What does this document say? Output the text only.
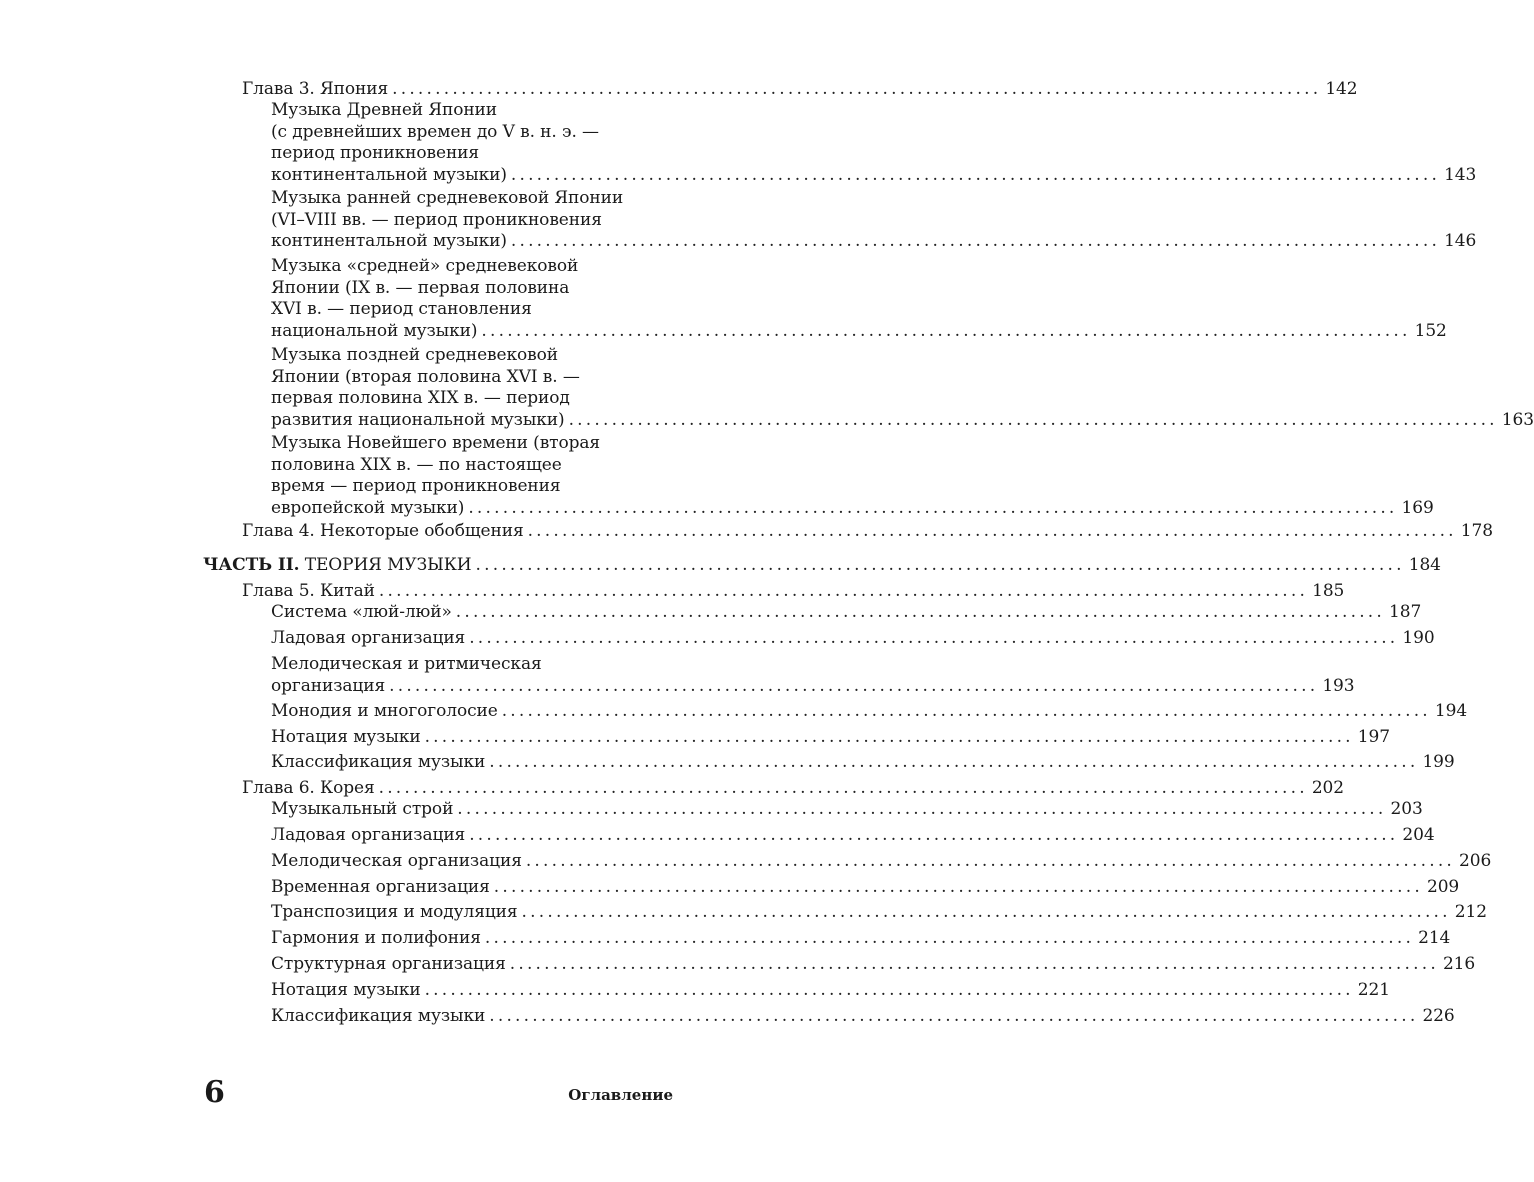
Глава 3. Япония ............................................................................................................ 142
Музыка Древней Японии
(с древнейших времен до V в. н. э. —
период проникновения
континентальной музыки) ............................................................................................................ 143
Музыка ранней средневековой Японии
(VI–VIII вв. — период проникновения
континентальной музыки) ............................................................................................................ 146
Музыка «средней» средневековой
Японии (IX в. — первая половина
XVI в. — период становления
национальной музыки) ............................................................................................................ 152
Музыка поздней средневековой
Японии (вторая половина XVI в. —
первая половина XIX в. — период
развития национальной музыки) ............................................................................................................ 163
Музыка Новейшего времени (вторая
половина XIX в. — по настоящее
время — период проникновения
европейской музыки) ............................................................................................................ 169
Глава 4. Некоторые обобщения ............................................................................................................ 178
ЧАСТЬ II. ТЕОРИЯ МУЗЫКИ ............................................................................................................ 184
Глава 5. Китай ............................................................................................................ 185
Система «люй-люй» ............................................................................................................ 187
Ладовая организация ............................................................................................................ 190
Мелодическая и ритмическая
организация ............................................................................................................ 193
Монодия и многоголосие ............................................................................................................ 194
Нотация музыки ............................................................................................................ 197
Классификация музыки ............................................................................................................ 199
Глава 6. Корея ............................................................................................................ 202
Музыкальный строй ............................................................................................................ 203
Ладовая организация ............................................................................................................ 204
Мелодическая организация ............................................................................................................ 206
Временная организация ............................................................................................................ 209
Транспозиция и модуляция ............................................................................................................ 212
Гармония и полифония ............................................................................................................ 214
Структурная организация ............................................................................................................ 216
Нотация музыки ............................................................................................................ 221
Классификация музыки ............................................................................................................ 226
6	Оглавление
